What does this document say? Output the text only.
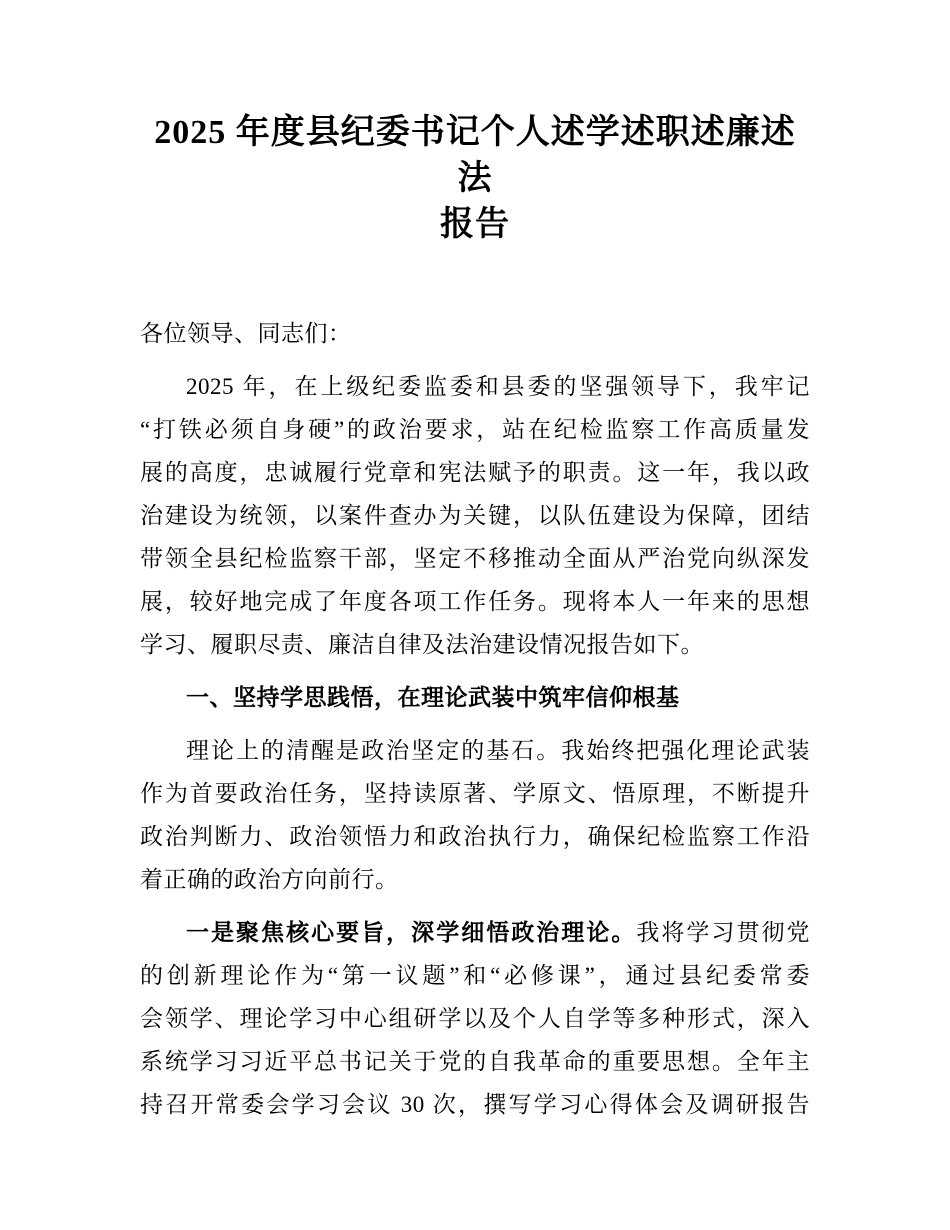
2025 年度县纪委书记个人述学述职述廉述法
报告
各位领导、同志们：
2025 年，在上级纪委监委和县委的坚强领导下，我牢记
“打铁必须自身硬”的政治要求，站在纪检监察工作高质量发
展的高度，忠诚履行党章和宪法赋予的职责。这一年，我以政
治建设为统领，以案件查办为关键，以队伍建设为保障，团结
带领全县纪检监察干部，坚定不移推动全面从严治党向纵深发
展，较好地完成了年度各项工作任务。现将本人一年来的思想
学习、履职尽责、廉洁自律及法治建设情况报告如下。
一、坚持学思践悟，在理论武装中筑牢信仰根基
理论上的清醒是政治坚定的基石。我始终把强化理论武装
作为首要政治任务，坚持读原著、学原文、悟原理，不断提升
政治判断力、政治领悟力和政治执行力，确保纪检监察工作沿
着正确的政治方向前行。
一是聚焦核心要旨，深学细悟政治理论。我将学习贯彻党
的创新理论作为“第一议题”和“必修课”，通过县纪委常委
会领学、理论学习中心组研学以及个人自学等多种形式，深入
系统学习习近平总书记关于党的自我革命的重要思想。全年主
持召开常委会学习会议 30 次，撰写学习心得体会及调研报告
